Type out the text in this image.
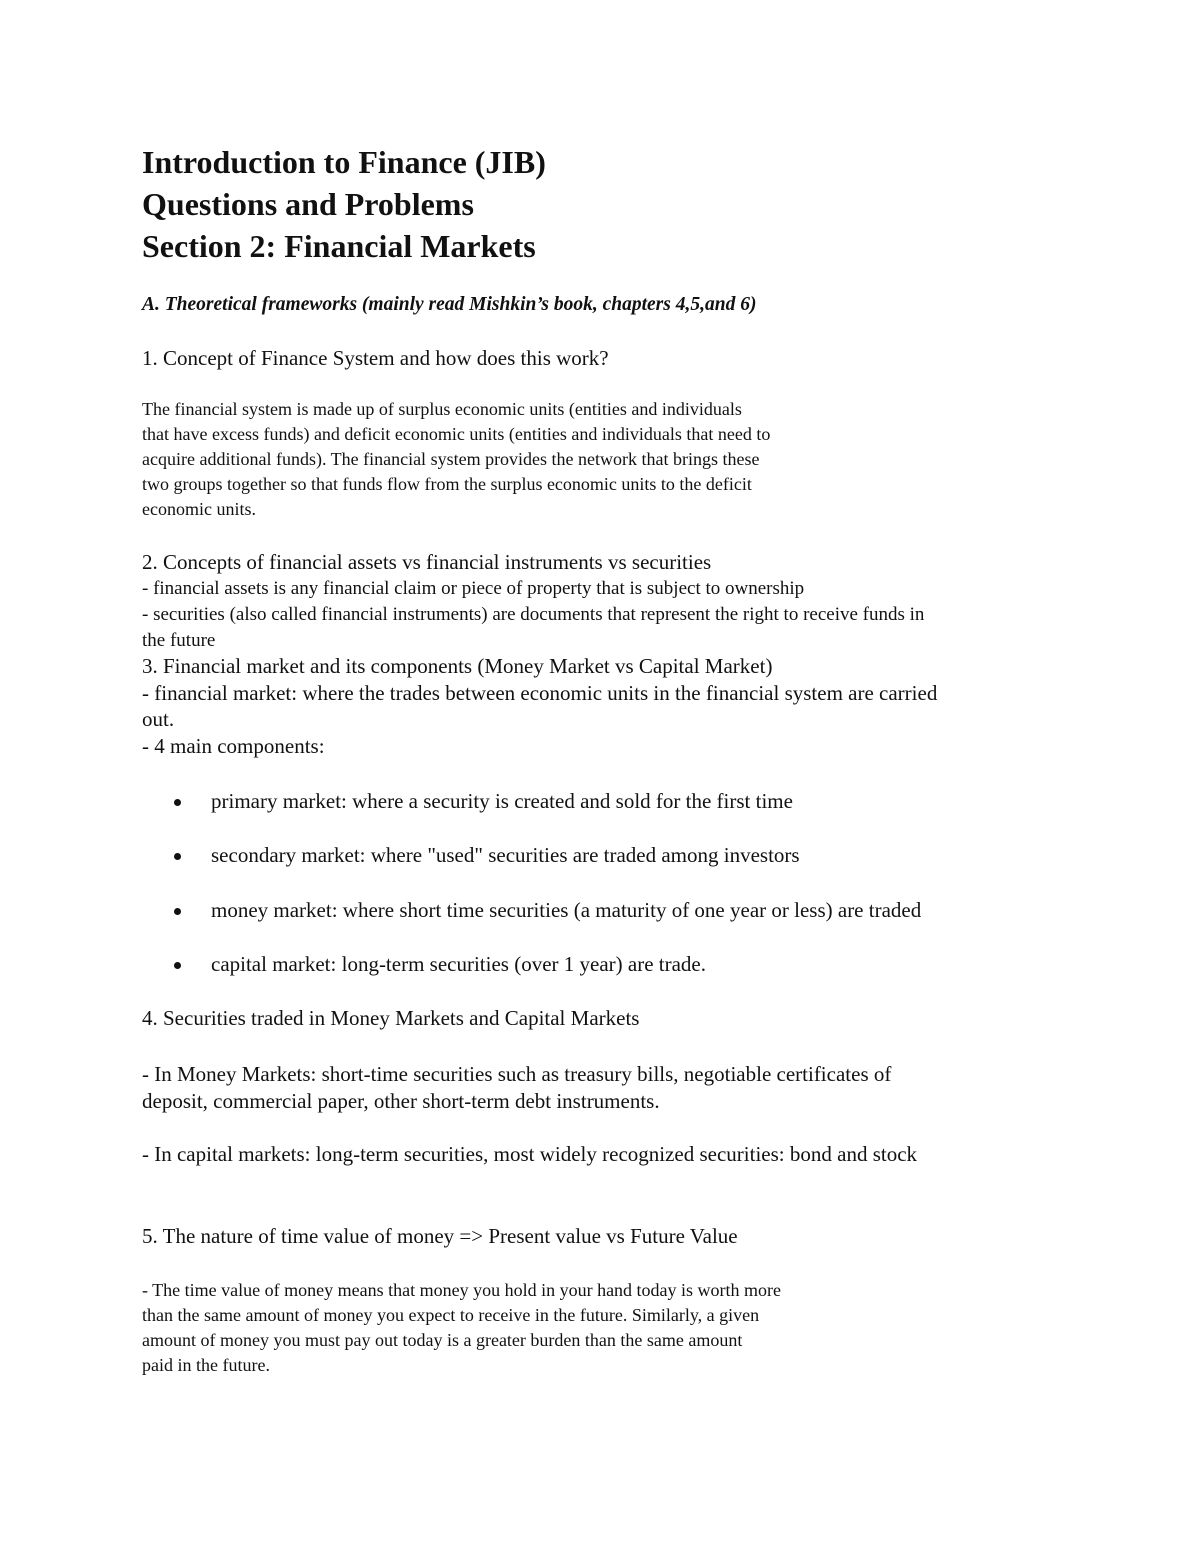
Introduction to Finance (JIB)
Questions and Problems
Section 2: Financial Markets
A. Theoretical frameworks (mainly read Mishkin’s book, chapters 4,5,and 6)
1. Concept of Finance System and how does this work?
The financial system is made up of surplus economic units (entities and individuals
that have excess funds) and deficit economic units (entities and individuals that need to
acquire additional funds). The financial system provides the network that brings these
two groups together so that funds flow from the surplus economic units to the deficit
economic units.
2. Concepts of financial assets vs financial instruments vs securities
- financial assets is any financial claim or piece of property that is subject to ownership
- securities (also called financial instruments) are documents that represent the right to receive funds in
the future
3. Financial market and its components (Money Market vs Capital Market)
- financial market: where the trades between economic units in the financial system are carried
out.
- 4 main components:
primary market: where a security is created and sold for the first time
secondary market: where "used" securities are traded among investors
money market: where short time securities (a maturity of one year or less) are traded
capital market: long-term securities (over 1 year) are trade.
4. Securities traded in Money Markets and Capital Markets
- In Money Markets: short-time securities such as treasury bills, negotiable certificates of
deposit, commercial paper, other short-term debt instruments.
- In capital markets: long-term securities, most widely recognized securities: bond and stock
5. The nature of time value of money => Present value vs Future Value
- The time value of money means that money you hold in your hand today is worth more
than the same amount of money you expect to receive in the future. Similarly, a given
amount of money you must pay out today is a greater burden than the same amount
paid in the future.
